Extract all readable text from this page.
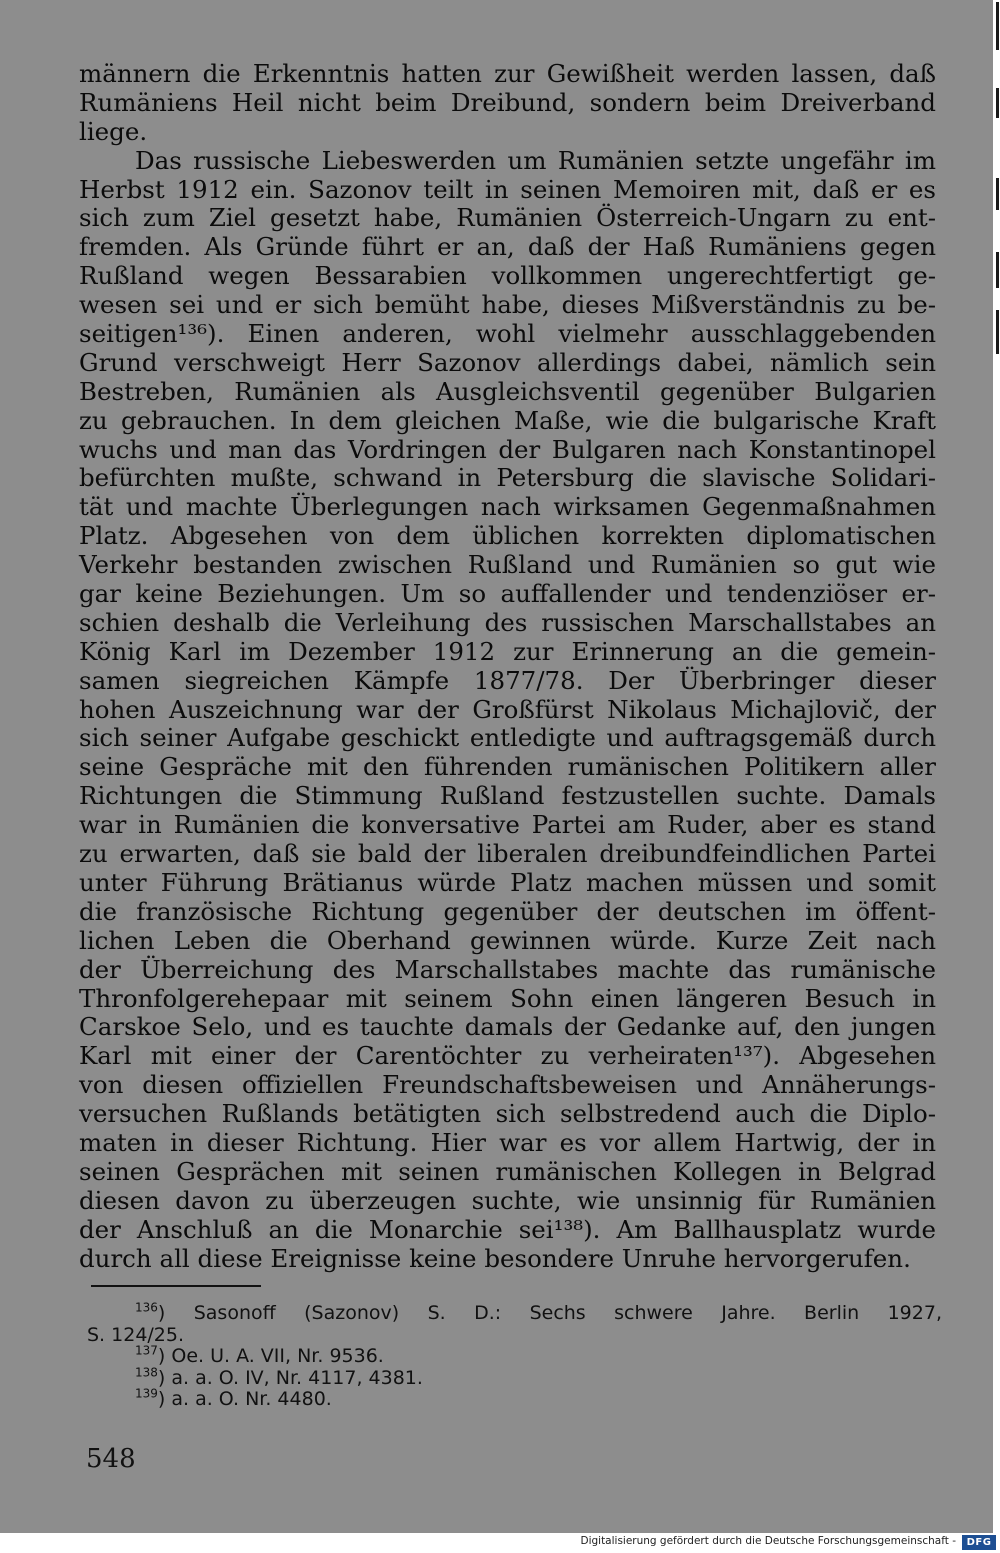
männern die Erkenntnis hatten zur Gewißheit werden lassen, daß
Rumäniens Heil nicht beim Dreibund, sondern beim Dreiverband
liege.
Das russische Liebeswerden um Rumänien setzte ungefähr im
Herbst 1912 ein. Sazonov teilt in seinen Memoiren mit, daß er es
sich zum Ziel gesetzt habe, Rumänien Österreich-Ungarn zu ent-
fremden. Als Gründe führt er an, daß der Haß Rumäniens gegen
Rußland wegen Bessarabien vollkommen ungerechtfertigt ge-
wesen sei und er sich bemüht habe, dieses Mißverständnis zu be-
seitigen¹³⁶). Einen anderen, wohl vielmehr ausschlaggebenden
Grund verschweigt Herr Sazonov allerdings dabei, nämlich sein
Bestreben, Rumänien als Ausgleichsventil gegenüber Bulgarien
zu gebrauchen. In dem gleichen Maße, wie die bulgarische Kraft
wuchs und man das Vordringen der Bulgaren nach Konstantinopel
befürchten mußte, schwand in Petersburg die slavische Solidari-
tät und machte Überlegungen nach wirksamen Gegenmaßnahmen
Platz. Abgesehen von dem üblichen korrekten diplomatischen
Verkehr bestanden zwischen Rußland und Rumänien so gut wie
gar keine Beziehungen. Um so auffallender und tendenziöser er-
schien deshalb die Verleihung des russischen Marschallstabes an
König Karl im Dezember 1912 zur Erinnerung an die gemein-
samen siegreichen Kämpfe 1877/78. Der Überbringer dieser
hohen Auszeichnung war der Großfürst Nikolaus Michajlovič, der
sich seiner Aufgabe geschickt entledigte und auftragsgemäß durch
seine Gespräche mit den führenden rumänischen Politikern aller
Richtungen die Stimmung Rußland festzustellen suchte. Damals
war in Rumänien die konversative Partei am Ruder, aber es stand
zu erwarten, daß sie bald der liberalen dreibundfeindlichen Partei
unter Führung Brätianus würde Platz machen müssen und somit
die französische Richtung gegenüber der deutschen im öffent-
lichen Leben die Oberhand gewinnen würde. Kurze Zeit nach
der Überreichung des Marschallstabes machte das rumänische
Thronfolgerehepaar mit seinem Sohn einen längeren Besuch in
Carskoe Selo, und es tauchte damals der Gedanke auf, den jungen
Karl mit einer der Carentöchter zu verheiraten¹³⁷). Abgesehen
von diesen offiziellen Freundschaftsbeweisen und Annäherungs-
versuchen Rußlands betätigten sich selbstredend auch die Diplo-
maten in dieser Richtung. Hier war es vor allem Hartwig, der in
seinen Gesprächen mit seinen rumänischen Kollegen in Belgrad
diesen davon zu überzeugen suchte, wie unsinnig für Rumänien
der Anschluß an die Monarchie sei¹³⁸). Am Ballhausplatz wurde
durch all diese Ereignisse keine besondere Unruhe hervorgerufen.
$^{136}$) Sasonoff (Sazonov) S. D.: Sechs schwere Jahre. Berlin 1927,
S. 124/25.
$^{137}$) Oe. U. A. VII, Nr. 9536.
$^{138}$) a. a. O. IV, Nr. 4117, 4381.
$^{139}$) a. a. O. Nr. 4480.
548
Digitalisierung gefördert durch die Deutsche Forschungsgemeinschaft -	DFG
